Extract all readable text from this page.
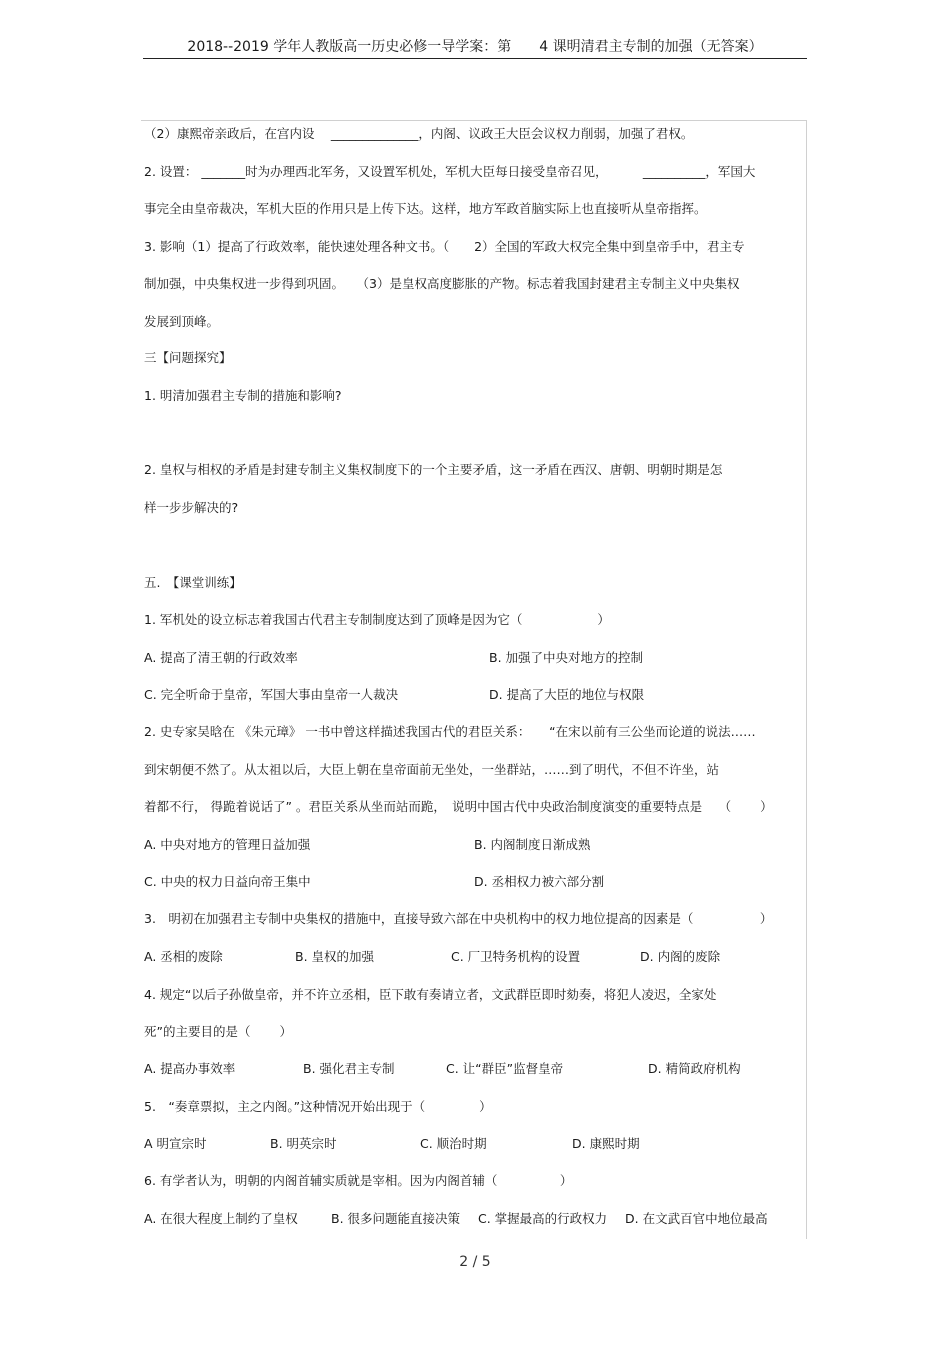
2018--2019 学年人教版高一历史必修一导学案：第　　4 课明清君主专制的加强（无答案）
（2）康熙帝亲政后，在宫内设　 ______________，内阁、议政王大臣会议权力削弱，加强了君权。
2. 设置： _______时为办理西北军务，又设置军机处，军机大臣每日接受皇帝召见，　　　 __________，军国大
事完全由皇帝裁决，军机大臣的作用只是上传下达。这样，地方军政首脑实际上也直接听从皇帝指挥。
3. 影响（1）提高了行政效率，能快速处理各种文书。（　　2）全国的军政大权完全集中到皇帝手中，君主专
制加强，中央集权进一步得到巩固。　　（3）是皇权高度膨胀的产物。标志着我国封建君主专制主义中央集权
发展到顶峰。
三【问题探究】
1. 明清加强君主专制的措施和影响?
2. 皇权与相权的矛盾是封建专制主义集权制度下的一个主要矛盾，这一矛盾在西汉、唐朝、明朝时期是怎
样一步步解决的?
五.　【课堂训练】
1. 军机处的设立标志着我国古代君主专制制度达到了顶峰是因为它（　　　　　　）
A. 提高了清王朝的行政效率	B. 加强了中央对地方的控制
C. 完全听命于皇帝，军国大事由皇帝一人裁决	D. 提高了大臣的地位与权限
2. 史专家吴晗在 《朱元璋》 一书中曾这样描述我国古代的君臣关系：　　“在宋以前有三公坐而论道的说法……
到宋朝便不然了。从太祖以后，大臣上朝在皇帝面前无坐处，一坐群站，……到了明代，不但不许坐，站
着都不行， 得跪着说话了” 。君臣关系从坐而站而跪，　说明中国古代中央政治制度演变的重要特点是　 （　　 ）
A. 中央对地方的管理日益加强	B. 内阁制度日渐成熟
C. 中央的权力日益向帝王集中	D. 丞相权力被六部分割
3.　明初在加强君主专制中央集权的措施中，直接导致六部在中央机构中的权力地位提高的因素是（　　　　　 ）
A. 丞相的废除	B. 皇权的加强	C. 厂卫特务机构的设置	D. 内阁的废除
4. 规定“以后子孙做皇帝，并不许立丞相，臣下敢有奏请立者，文武群臣即时劾奏，将犯人凌迟，全家处
死”的主要目的是（　　 ）
A. 提高办事效率	B. 强化君主专制	C. 让“群臣”监督皇帝	D. 精简政府机构
5.　“奏章票拟，主之内阁。”这种情况开始出现于（　　　　 ）
A 明宣宗时	B. 明英宗时	C. 顺治时期	D. 康熙时期
6. 有学者认为，明朝的内阁首辅实质就是宰相。因为内阁首辅（　　　　　）
A. 在很大程度上制约了皇权	B. 很多问题能直接决策 C. 掌握最高的行政权力 D. 在文武百官中地位最高
2 / 5
